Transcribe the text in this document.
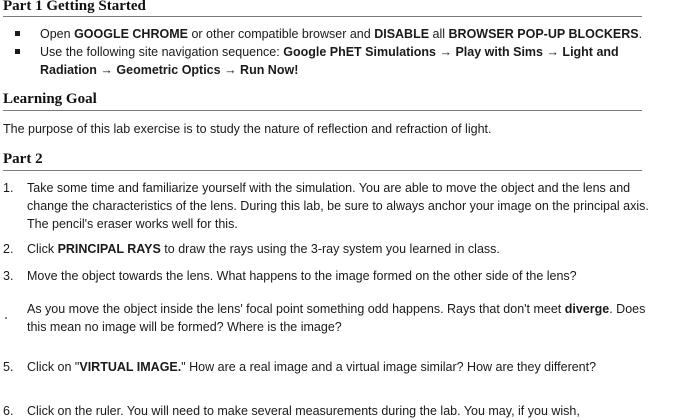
Part 1 Getting Started
Open GOOGLE CHROME or other compatible browser and DISABLE all BROWSER POP-UP BLOCKERS.
Use the following site navigation sequence: Google PhET Simulations → Play with Sims → Light and Radiation → Geometric Optics → Run Now!
Learning Goal

The purpose of this lab exercise is to study the nature of reflection and refraction of light.

Part 2
1. Take some time and familiarize yourself with the simulation. You are able to move the object and the lens and change the characteristics of the lens. During this lab, be sure to always anchor your image on the principal axis. The pencil's eraser works well for this.
2. Click PRINCIPAL RAYS to draw the rays using the 3-ray system you learned in class.
3. Move the object towards the lens. What happens to the image formed on the other side of the lens?

As you move the object inside the lens' focal point something odd happens. Rays that don't meet diverge. Does this mean no image will be formed? Where is the image?

5. Click on "VIRTUAL IMAGE." How are a real image and a virtual image similar? How are they different?
6. Click on the ruler. You will need to make several measurements during the lab. You may, if you wish,
